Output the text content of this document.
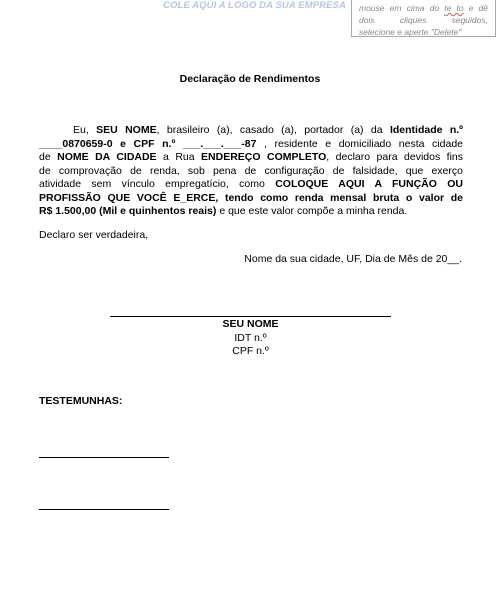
COLE AQUI A LOGO DA SUA EMPRESA mouse em cima do te to e dê
dois cliques seguidos,
selecione e aperte "Delete"
Declaração de Rendimentos
Eu, SEU NOME, brasileiro (a), casado (a), portador (a) da Identidade n.º
____0870659-0 e CPF n.º ___.___.___-87 , residente e domiciliado nesta cidade
de NOME DA CIDADE a Rua ENDEREÇO COMPLETO, declaro para devidos fins
de comprovação de renda, sob pena de configuração de falsidade, que exerço
atividade sem vínculo empregatício, como COLOQUE AQUI A FUNÇÃO OU
PROFISSÃO QUE VOCÊ E_ERCE, tendo como renda mensal bruta o valor de
R$ 1.500,00 (Mil e quinhentos reais) e que este valor compõe a minha renda.
Declaro ser verdadeira,
Nome da sua cidade, UF, Dia de Mês de 20__.
SEU NOME
IDT n.º
CPF n.º
TESTEMUNHAS:
